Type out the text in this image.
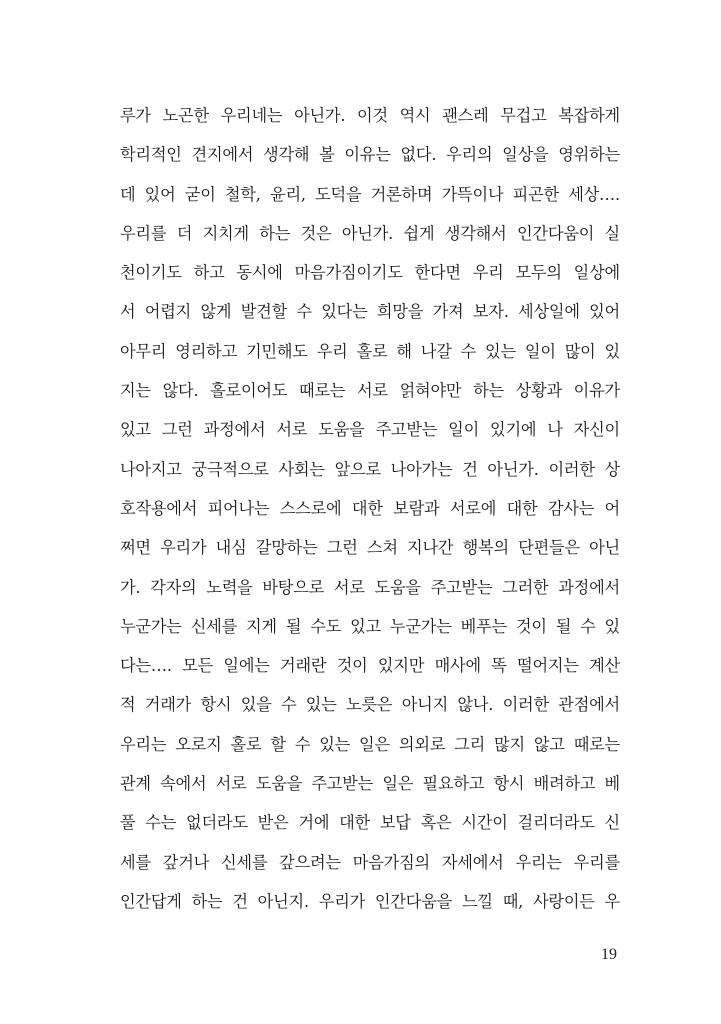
루가 노곤한 우리네는 아닌가. 이것 역시 괜스레 무겁고 복잡하게
학리적인 견지에서 생각해 볼 이유는 없다. 우리의 일상을 영위하는
데 있어 굳이 철학, 윤리, 도덕을 거론하며 가뜩이나 피곤한 세상….
우리를 더 지치게 하는 것은 아닌가. 쉽게 생각해서 인간다움이 실
천이기도 하고 동시에 마음가짐이기도 한다면 우리 모두의 일상에
서 어렵지 않게 발견할 수 있다는 희망을 가져 보자. 세상일에 있어
아무리 영리하고 기민해도 우리 홀로 해 나갈 수 있는 일이 많이 있
지는 않다. 홀로이어도 때로는 서로 얽혀야만 하는 상황과 이유가
있고 그런 과정에서 서로 도움을 주고받는 일이 있기에 나 자신이
나아지고 궁극적으로 사회는 앞으로 나아가는 건 아닌가. 이러한 상
호작용에서 피어나는 스스로에 대한 보람과 서로에 대한 감사는 어
쩌면 우리가 내심 갈망하는 그런 스쳐 지나간 행복의 단편들은 아닌
가. 각자의 노력을 바탕으로 서로 도움을 주고받는 그러한 과정에서
누군가는 신세를 지게 될 수도 있고 누군가는 베푸는 것이 될 수 있
다는…. 모든 일에는 거래란 것이 있지만 매사에 똑 떨어지는 계산
적 거래가 항시 있을 수 있는 노릇은 아니지 않나. 이러한 관점에서
우리는 오로지 홀로 할 수 있는 일은 의외로 그리 많지 않고 때로는
관계 속에서 서로 도움을 주고받는 일은 필요하고 항시 배려하고 베
풀 수는 없더라도 받은 거에 대한 보답 혹은 시간이 걸리더라도 신
세를 갚거나 신세를 갚으려는 마음가짐의 자세에서 우리는 우리를
인간답게 하는 건 아닌지. 우리가 인간다움을 느낄 때, 사랑이든 우
19
